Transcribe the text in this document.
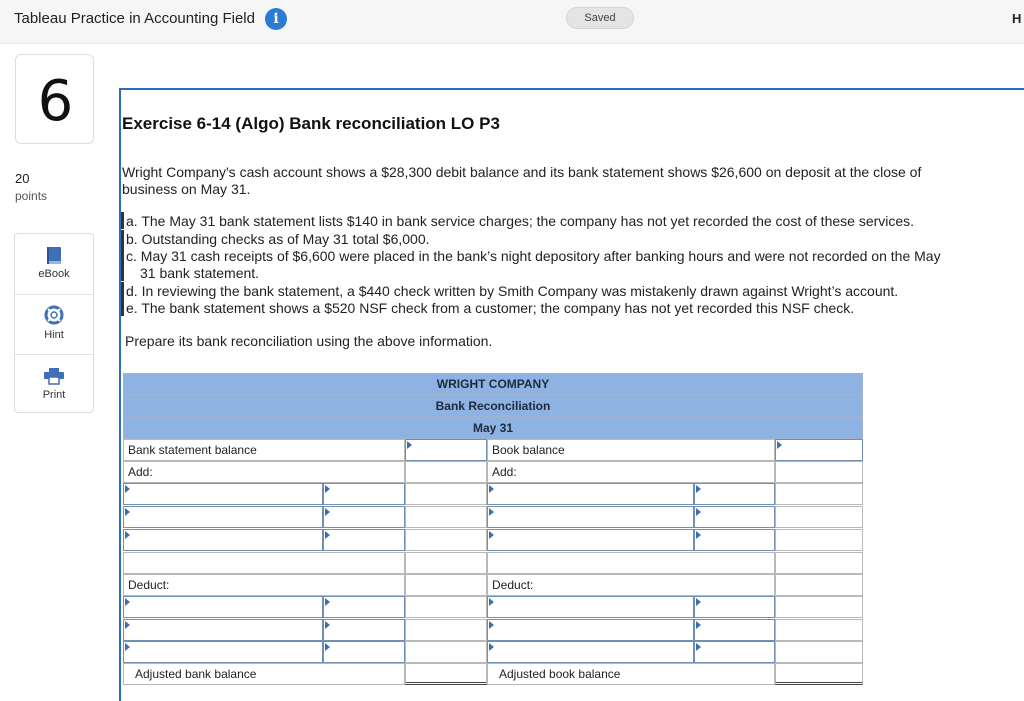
Tableau Practice in Accounting Field	i	Saved	H
6
20
points
eBook
Hint
Print
Exercise 6-14 (Algo) Bank reconciliation LO P3
Wright Company's cash account shows a $28,300 debit balance and its bank statement shows $26,600 on deposit at the close of
business on May 31.
a. The May 31 bank statement lists $140 in bank service charges; the company has not yet recorded the cost of these services.
b. Outstanding checks as of May 31 total $6,000.
c. May 31 cash receipts of $6,600 were placed in the bank’s night depository after banking hours and were not recorded on the May
31 bank statement.
d. In reviewing the bank statement, a $440 check written by Smith Company was mistakenly drawn against Wright’s account.
e. The bank statement shows a $520 NSF check from a customer; the company has not yet recorded this NSF check.
Prepare its bank reconciliation using the above information.
WRIGHT COMPANY
Bank Reconciliation
May 31
Bank statement balance	Book balance
Add:	Add:
Deduct:	Deduct:
Adjusted bank balance	Adjusted book balance
